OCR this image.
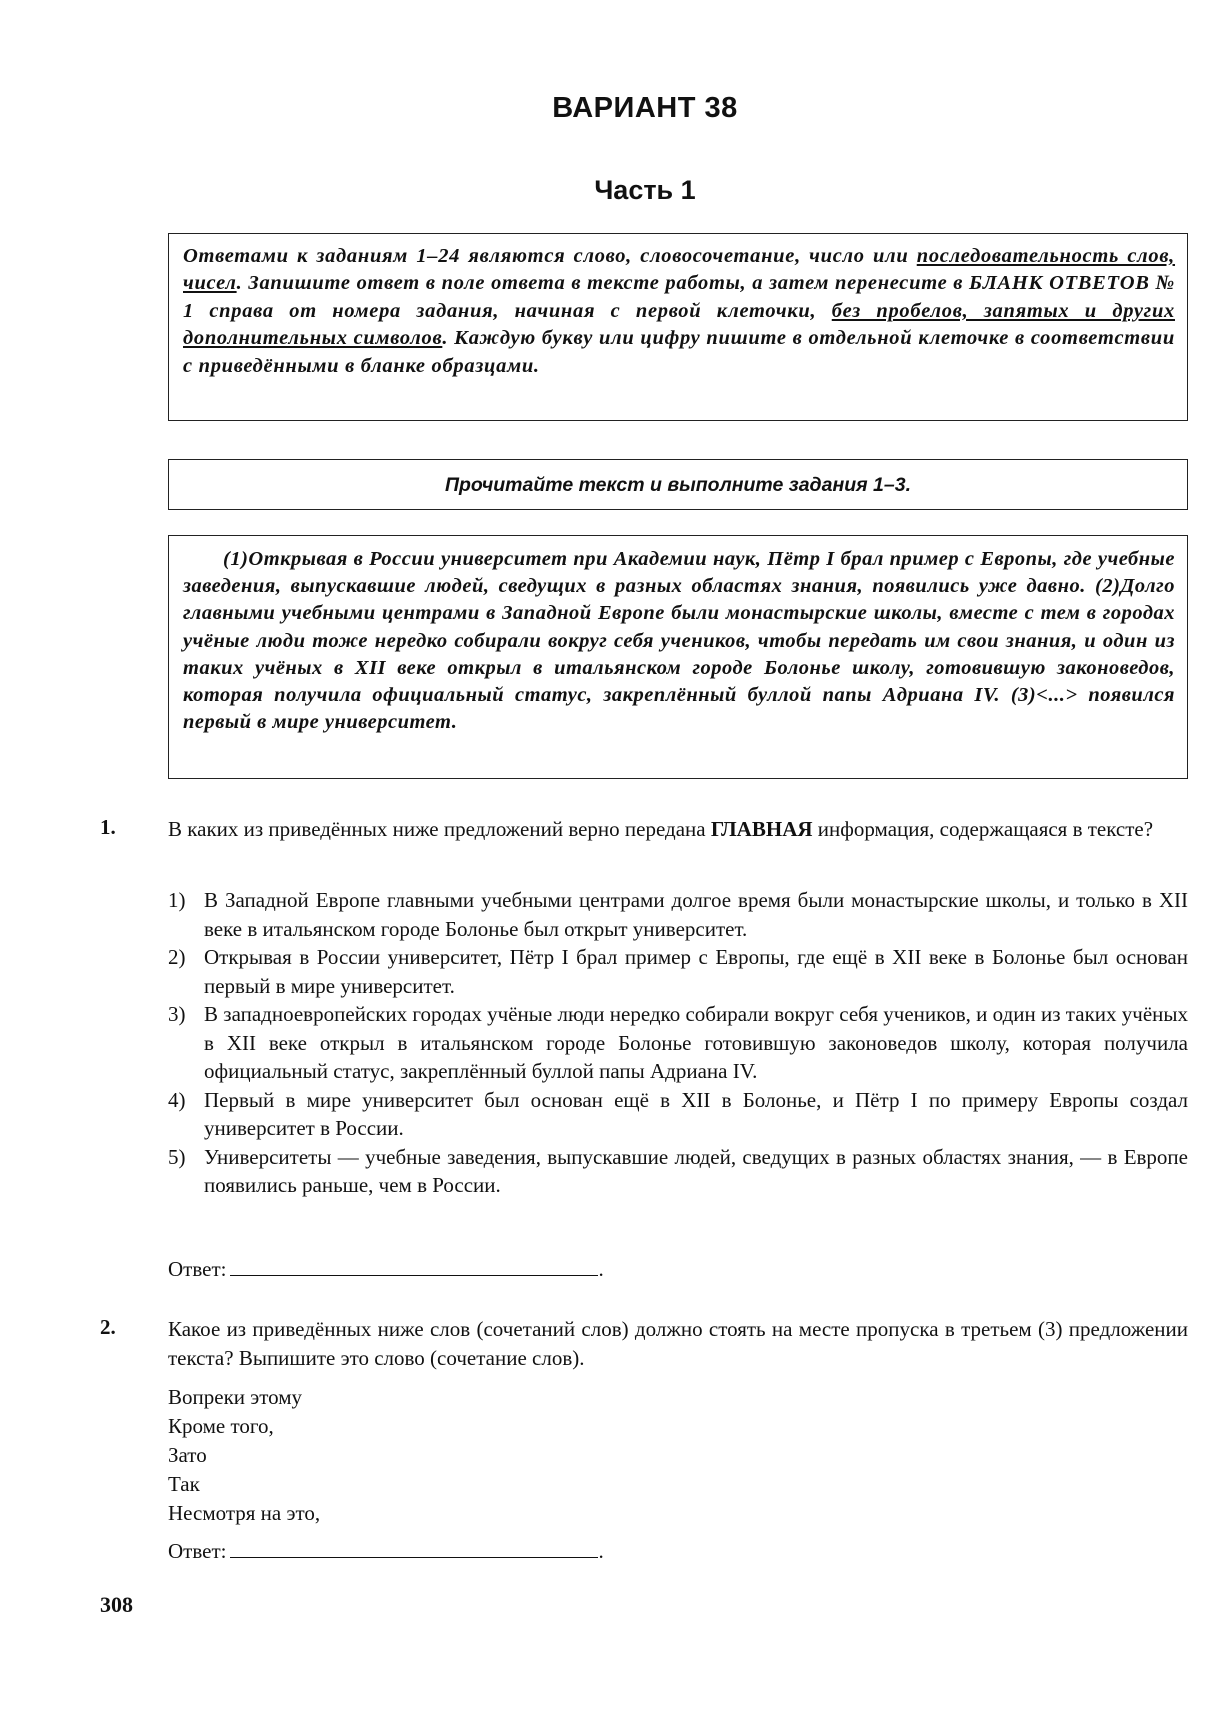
ВАРИАНТ 38
Часть 1
Ответами к заданиям 1–24 являются слово, словосочетание, число или последовательность слов, чисел. Запишите ответ в поле ответа в тексте работы, а затем перенесите в БЛАНК ОТВЕТОВ № 1 справа от номера задания, начиная с первой клеточки, без пробелов, запятых и других дополнительных символов. Каждую букву или цифру пишите в отдельной клеточке в соответствии с приведёнными в бланке образцами.
Прочитайте текст и выполните задания 1–3.
(1)Открывая в России университет при Академии наук, Пётр I брал пример с Европы, где учебные заведения, выпускавшие людей, сведущих в разных областях знания, появились уже давно. (2)Долго главными учебными центрами в Западной Европе были монастырские школы, вместе с тем в городах учёные люди тоже нередко собирали вокруг себя учеников, чтобы передать им свои знания, и один из таких учёных в XII веке открыл в итальянском городе Болонье школу, готовившую законоведов, которая получила официальный статус, закреплённый буллой папы Адриана IV. (3)<...> появился первый в мире университет.
1. В каких из приведённых ниже предложений верно передана ГЛАВНАЯ информация, содержащаяся в тексте?
1) В Западной Европе главными учебными центрами долгое время были монастырские школы, и только в XII веке в итальянском городе Болонье был открыт университет.
2) Открывая в России университет, Пётр I брал пример с Европы, где ещё в XII веке в Болонье был основан первый в мире университет.
3) В западноевропейских городах учёные люди нередко собирали вокруг себя учеников, и один из таких учёных в XII веке открыл в итальянском городе Болонье готовившую законоведов школу, которая получила официальный статус, закреплённый буллой папы Адриана IV.
4) Первый в мире университет был основан ещё в XII в Болонье, и Пётр I по примеру Европы создал университет в России.
5) Университеты — учебные заведения, выпускавшие людей, сведущих в разных областях знания, — в Европе появились раньше, чем в России.
Ответ:	.
2. Какое из приведённых ниже слов (сочетаний слов) должно стоять на месте пропуска в третьем (3) предложении текста? Выпишите это слово (сочетание слов).
Вопреки этому
Кроме того,
Зато
Так
Несмотря на это,
Ответ:	.
308
